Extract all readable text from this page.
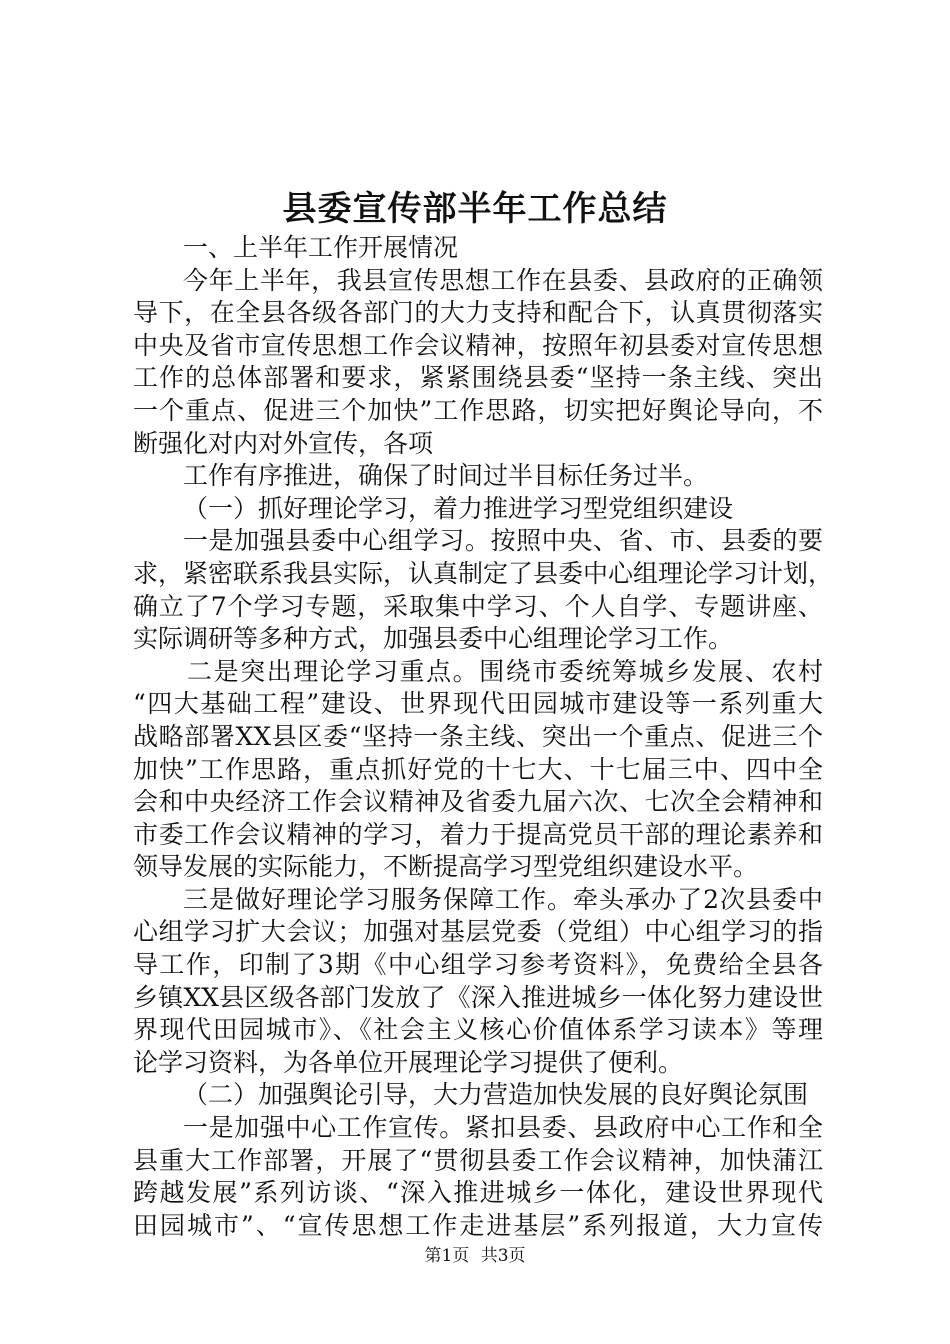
县委宣传部半年工作总结
一、上半年工作开展情况
今年上半年，我县宣传思想工作在县委、县政府的正确领
导下，在全县各级各部门的大力支持和配合下，认真贯彻落实
中央及省市宣传思想工作会议精神，按照年初县委对宣传思想
工作的总体部署和要求，紧紧围绕县委“坚持一条主线、突出
一个重点、促进三个加快”工作思路，切实把好舆论导向，不
断强化对内对外宣传，各项
工作有序推进，确保了时间过半目标任务过半。
（一）抓好理论学习，着力推进学习型党组织建设
一是加强县委中心组学习。按照中央、省、市、县委的要
求，紧密联系我县实际，认真制定了县委中心组理论学习计划，
确立了7个学习专题，采取集中学习、个人自学、专题讲座、
实际调研等多种方式，加强县委中心组理论学习工作。
二是突出理论学习重点。围绕市委统筹城乡发展、农村
“四大基础工程”建设、世界现代田园城市建设等一系列重大
战略部署XX县区委“坚持一条主线、突出一个重点、促进三个
加快”工作思路，重点抓好党的十七大、十七届三中、四中全
会和中央经济工作会议精神及省委九届六次、七次全会精神和
市委工作会议精神的学习，着力于提高党员干部的理论素养和
领导发展的实际能力，不断提高学习型党组织建设水平。
三是做好理论学习服务保障工作。牵头承办了2次县委中
心组学习扩大会议；加强对基层党委（党组）中心组学习的指
导工作，印制了3期《中心组学习参考资料》，免费给全县各
乡镇XX县区级各部门发放了《深入推进城乡一体化努力建设世
界现代田园城市》、《社会主义核心价值体系学习读本》等理
论学习资料，为各单位开展理论学习提供了便利。
（二）加强舆论引导，大力营造加快发展的良好舆论氛围
一是加强中心工作宣传。紧扣县委、县政府中心工作和全
县重大工作部署，开展了“贯彻县委工作会议精神，加快蒲江
跨越发展”系列访谈、“深入推进城乡一体化，建设世界现代
田园城市”、“宣传思想工作走进基层”系列报道，大力宣传
第1页 共3页
